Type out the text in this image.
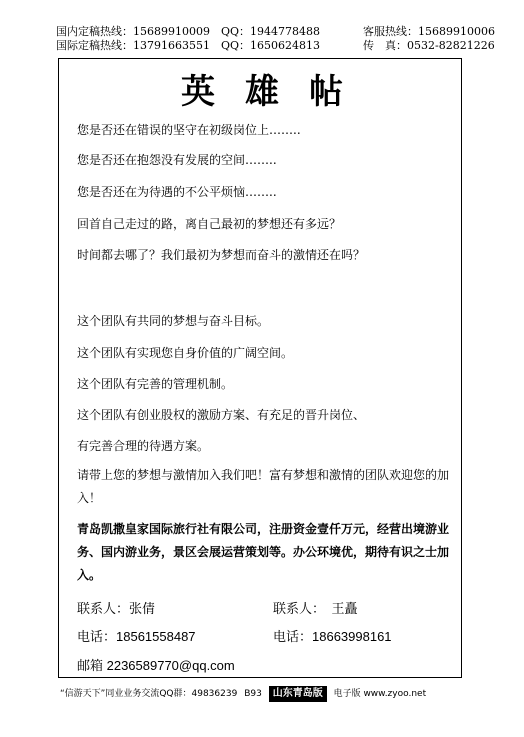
国内定稿热线：15689910009 QQ：1944778488	客服热线：15689910006
国际定稿热线：13791663551 QQ：1650624813	传　真：0532-82821226
英雄帖
您是否还在错误的坚守在初级岗位上……..
您是否还在抱怨没有发展的空间……..
您是否还在为待遇的不公平烦恼……..
回首自己走过的路，离自己最初的梦想还有多远？
时间都去哪了？我们最初为梦想而奋斗的激情还在吗？
这个团队有共同的梦想与奋斗目标。
这个团队有实现您自身价值的广阔空间。
这个团队有完善的管理机制。
这个团队有创业股权的激励方案、有充足的晋升岗位、
有完善合理的待遇方案。
请带上您的梦想与激情加入我们吧！富有梦想和激情的团队欢迎您的加入！
青岛凯撒皇家国际旅行社有限公司，注册资金壹仟万元，经营出境游业务、国内游业务，景区会展运营策划等。办公环境优，期待有识之士加入。
联系人：张倩	联系人：　王矗
电话：18561558487	电话：18663998161
邮箱 2236589770@qq.com
“信游天下”同业业务交流QQ群：49836239 B93 山东青岛版 电子版 www.zyoo.net
